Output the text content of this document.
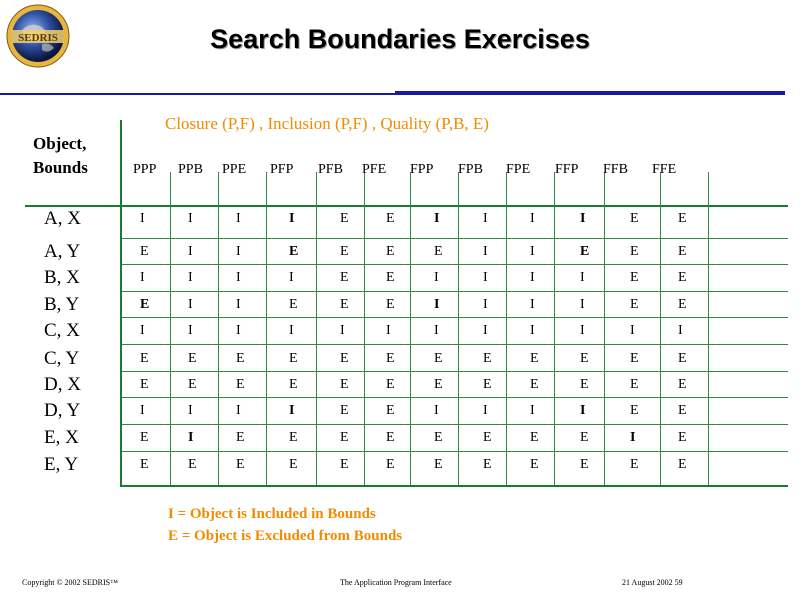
SEDRIS	Search Boundaries Exercises
Object,
Bounds
Closure (P,F) , Inclusion (P,F) , Quality (P,B, E)
PPP PPB PPE PFP PFB PFE FPP FPB FPE FFP FFB FFE
A, X	I	I	I	I	E	E	I	I	I	I	E	E
A, Y	E	I	I	E	E	E	E	I	I	E	E	E
B, X	I	I	I	I	E	E	I	I	I	I	E	E
B, Y	E	I	I	E	E	E	I	I	I	I	E	E
C, X	I	I	I	I	I	I	I	I	I	I	I	I
C, Y	E	E	E	E	E	E	E	E	E	E	E	E
D, X	E	E	E	E	E	E	E	E	E	E	E	E
D, Y	I	I	I	I	E	E	I	I	I	I	E	E
E, X	E	I	E	E	E	E	E	E	E	E	I	E
E, Y	E	E	E	E	E	E	E	E	E	E	E	E
I = Object is Included in Bounds
E = Object is Excluded from Bounds
Copyright © 2002 SEDRIS™	The Application Program Interface	21 August 2002 59
